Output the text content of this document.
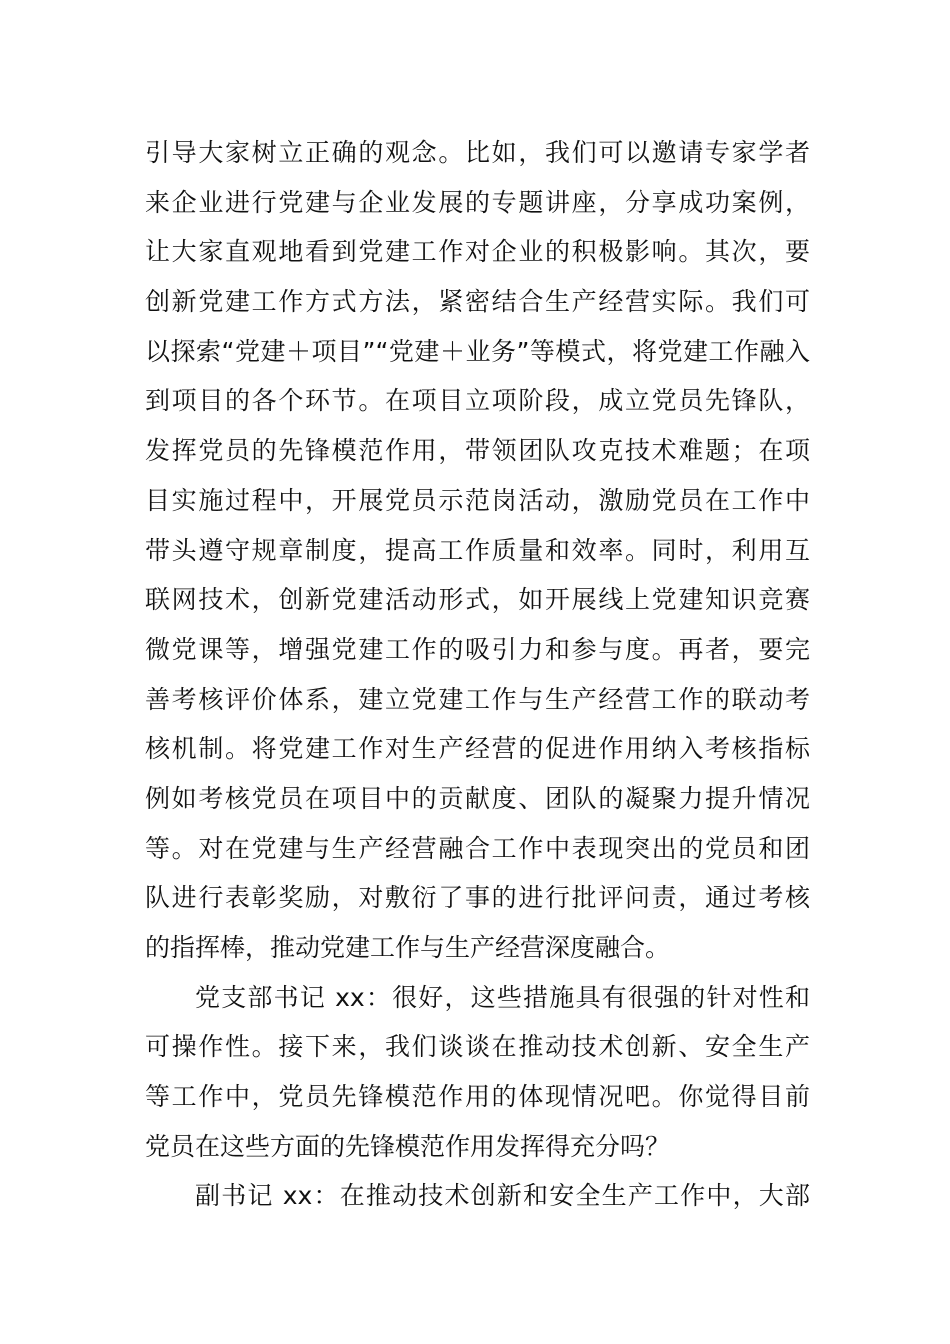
引导大家树立正确的观念。比如，我们可以邀请专家学者
来企业进行党建与企业发展的专题讲座，分享成功案例，
让大家直观地看到党建工作对企业的积极影响。其次，要
创新党建工作方式方法，紧密结合生产经营实际。我们可
以探索“党建＋项目”“党建＋业务”等模式，将党建工作融入
到项目的各个环节。在项目立项阶段，成立党员先锋队，
发挥党员的先锋模范作用，带领团队攻克技术难题；在项
目实施过程中，开展党员示范岗活动，激励党员在工作中
带头遵守规章制度，提高工作质量和效率。同时，利用互
联网技术，创新党建活动形式，如开展线上党建知识竞赛
微党课等，增强党建工作的吸引力和参与度。再者，要完
善考核评价体系，建立党建工作与生产经营工作的联动考
核机制。将党建工作对生产经营的促进作用纳入考核指标
例如考核党员在项目中的贡献度、团队的凝聚力提升情况
等。对在党建与生产经营融合工作中表现突出的党员和团
队进行表彰奖励，对敷衍了事的进行批评问责，通过考核
的指挥棒，推动党建工作与生产经营深度融合。
党支部书记 xx：很好，这些措施具有很强的针对性和
可操作性。接下来，我们谈谈在推动技术创新、安全生产
等工作中，党员先锋模范作用的体现情况吧。你觉得目前
党员在这些方面的先锋模范作用发挥得充分吗？
副书记 xx：在推动技术创新和安全生产工作中，大部
